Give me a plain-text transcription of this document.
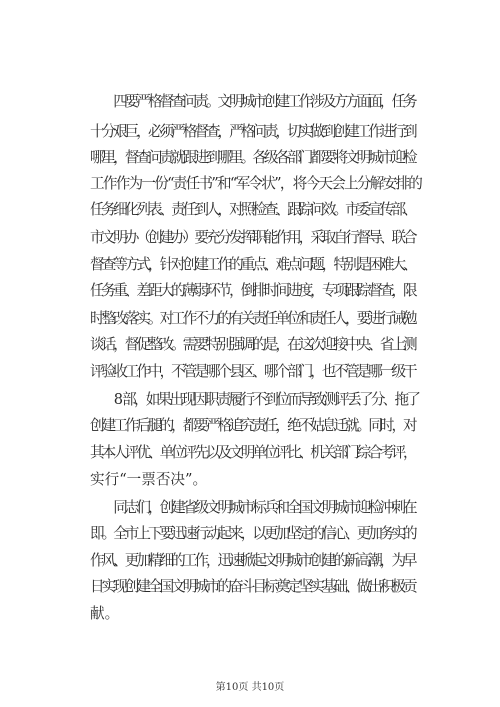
　　四要严格督查问责。文明城市创建工作涉及方方面面，任务
十分艰巨，必须严格督查，严格问责，切实做到创建工作进行到
哪里，督查问责就跟进到哪里。各级各部门都要将文明城市迎检
工作作为一份“责任书”和“军令状”，将今天会上分解安排的
任务细化列表、责任到人，对照检查、跟踪问效。市委宣传部、
市文明办（创建办）要充分发挥职能作用，采取自行督导、联合
督查等方式，针对创建工作的重点、难点问题，特别是困难大、
任务重、差距大的薄弱环节，倒排时间进度，专项跟踪督查，限
时整改落实。对工作不力的有关责任单位和责任人，要进行诫勉
谈话，督促整改。需要特别强调的是，在这次迎接中央、省上测
评验收工作中，不管是哪个县区、哪个部门，也不管是哪一级干
　　8 部，如果出现因职责履行不到位而导致测评丢了分、拖了
创建工作后腿的，都要严格追究责任，绝不姑息迁就。同时，对
其本人评优、单位评先以及文明单位评比、机关部门综合考评，
实行“一票否决”。
　　同志们，创建省级文明城市标兵和全国文明城市迎检冲刺在
即。全市上下要迅速行动起来，以更加坚定的信心、更加务实的
作风、更加精细的工作，迅速掀起文明城市创建的新高潮，为早
日实现创建全国文明城市的奋斗目标奠定坚实基础、做出积极贡
献。
第10页 共10页
